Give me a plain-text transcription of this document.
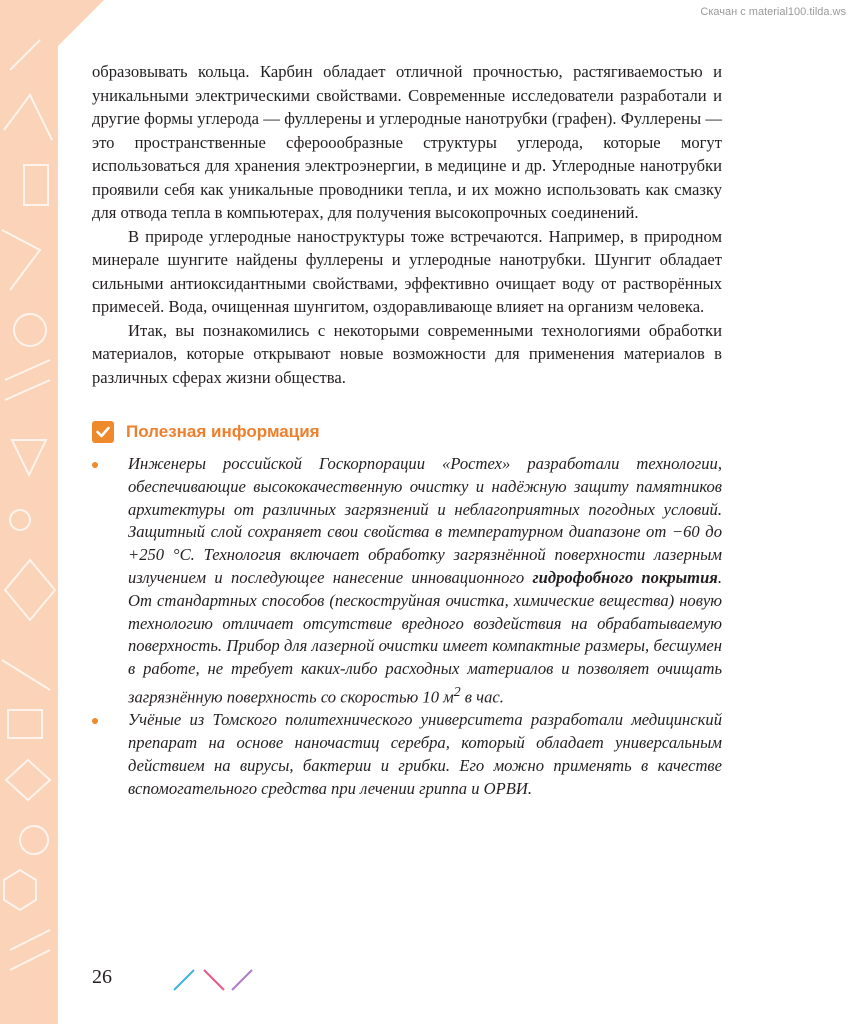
Скачан с material100.tilda.ws

образовывать кольца. Карбин обладает отличной прочностью, растягиваемостью и уникальными электрическими свойствами. Современные исследователи разработали и другие формы углерода — фуллерены и углеродные нанотрубки (графен). Фуллерены — это пространственные сфероообразные структуры углерода, которые могут использоваться для хранения электроэнергии, в медицине и др. Углеродные нанотрубки проявили себя как уникальные проводники тепла, и их можно использовать как смазку для отвода тепла в компьютерах, для получения высокопрочных соединений.

В природе углеродные наноструктуры тоже встречаются. Например, в природном минерале шунгите найдены фуллерены и углеродные нанотрубки. Шунгит обладает сильными антиоксидантными свойствами, эффективно очищает воду от растворённых примесей. Вода, очищенная шунгитом, оздоравливающе влияет на организм человека.

Итак, вы познакомились с некоторыми современными технологиями обработки материалов, которые открывают новые возможности для применения материалов в различных сферах жизни общества.

Полезная информация
Инженеры российской Госкорпорации «Ростех» разработали технологии, обеспечивающие высококачественную очистку и надёжную защиту памятников архитектуры от различных загрязнений и неблагоприятных погодных условий. Защитный слой сохраняет свои свойства в температурном диапазоне от −60 до +250 °С. Технология включает обработку загрязнённой поверхности лазерным излучением и последующее нанесение инновационного гидрофобного покрытия. От стандартных способов (пескоструйная очистка, химические вещества) новую технологию отличает отсутствие вредного воздействия на обрабатываемую поверхность. Прибор для лазерной очистки имеет компактные размеры, бесшумен в работе, не требует каких-либо расходных материалов и позволяет очищать загрязнённую поверхность со скоростью 10 $м^2$ в час.
Учёные из Томского политехнического университета разработали медицинский препарат на основе наночастиц серебра, который обладает универсальным действием на вирусы, бактерии и грибки. Его можно применять в качестве вспомогательного средства при лечении гриппа и ОРВИ.
26
